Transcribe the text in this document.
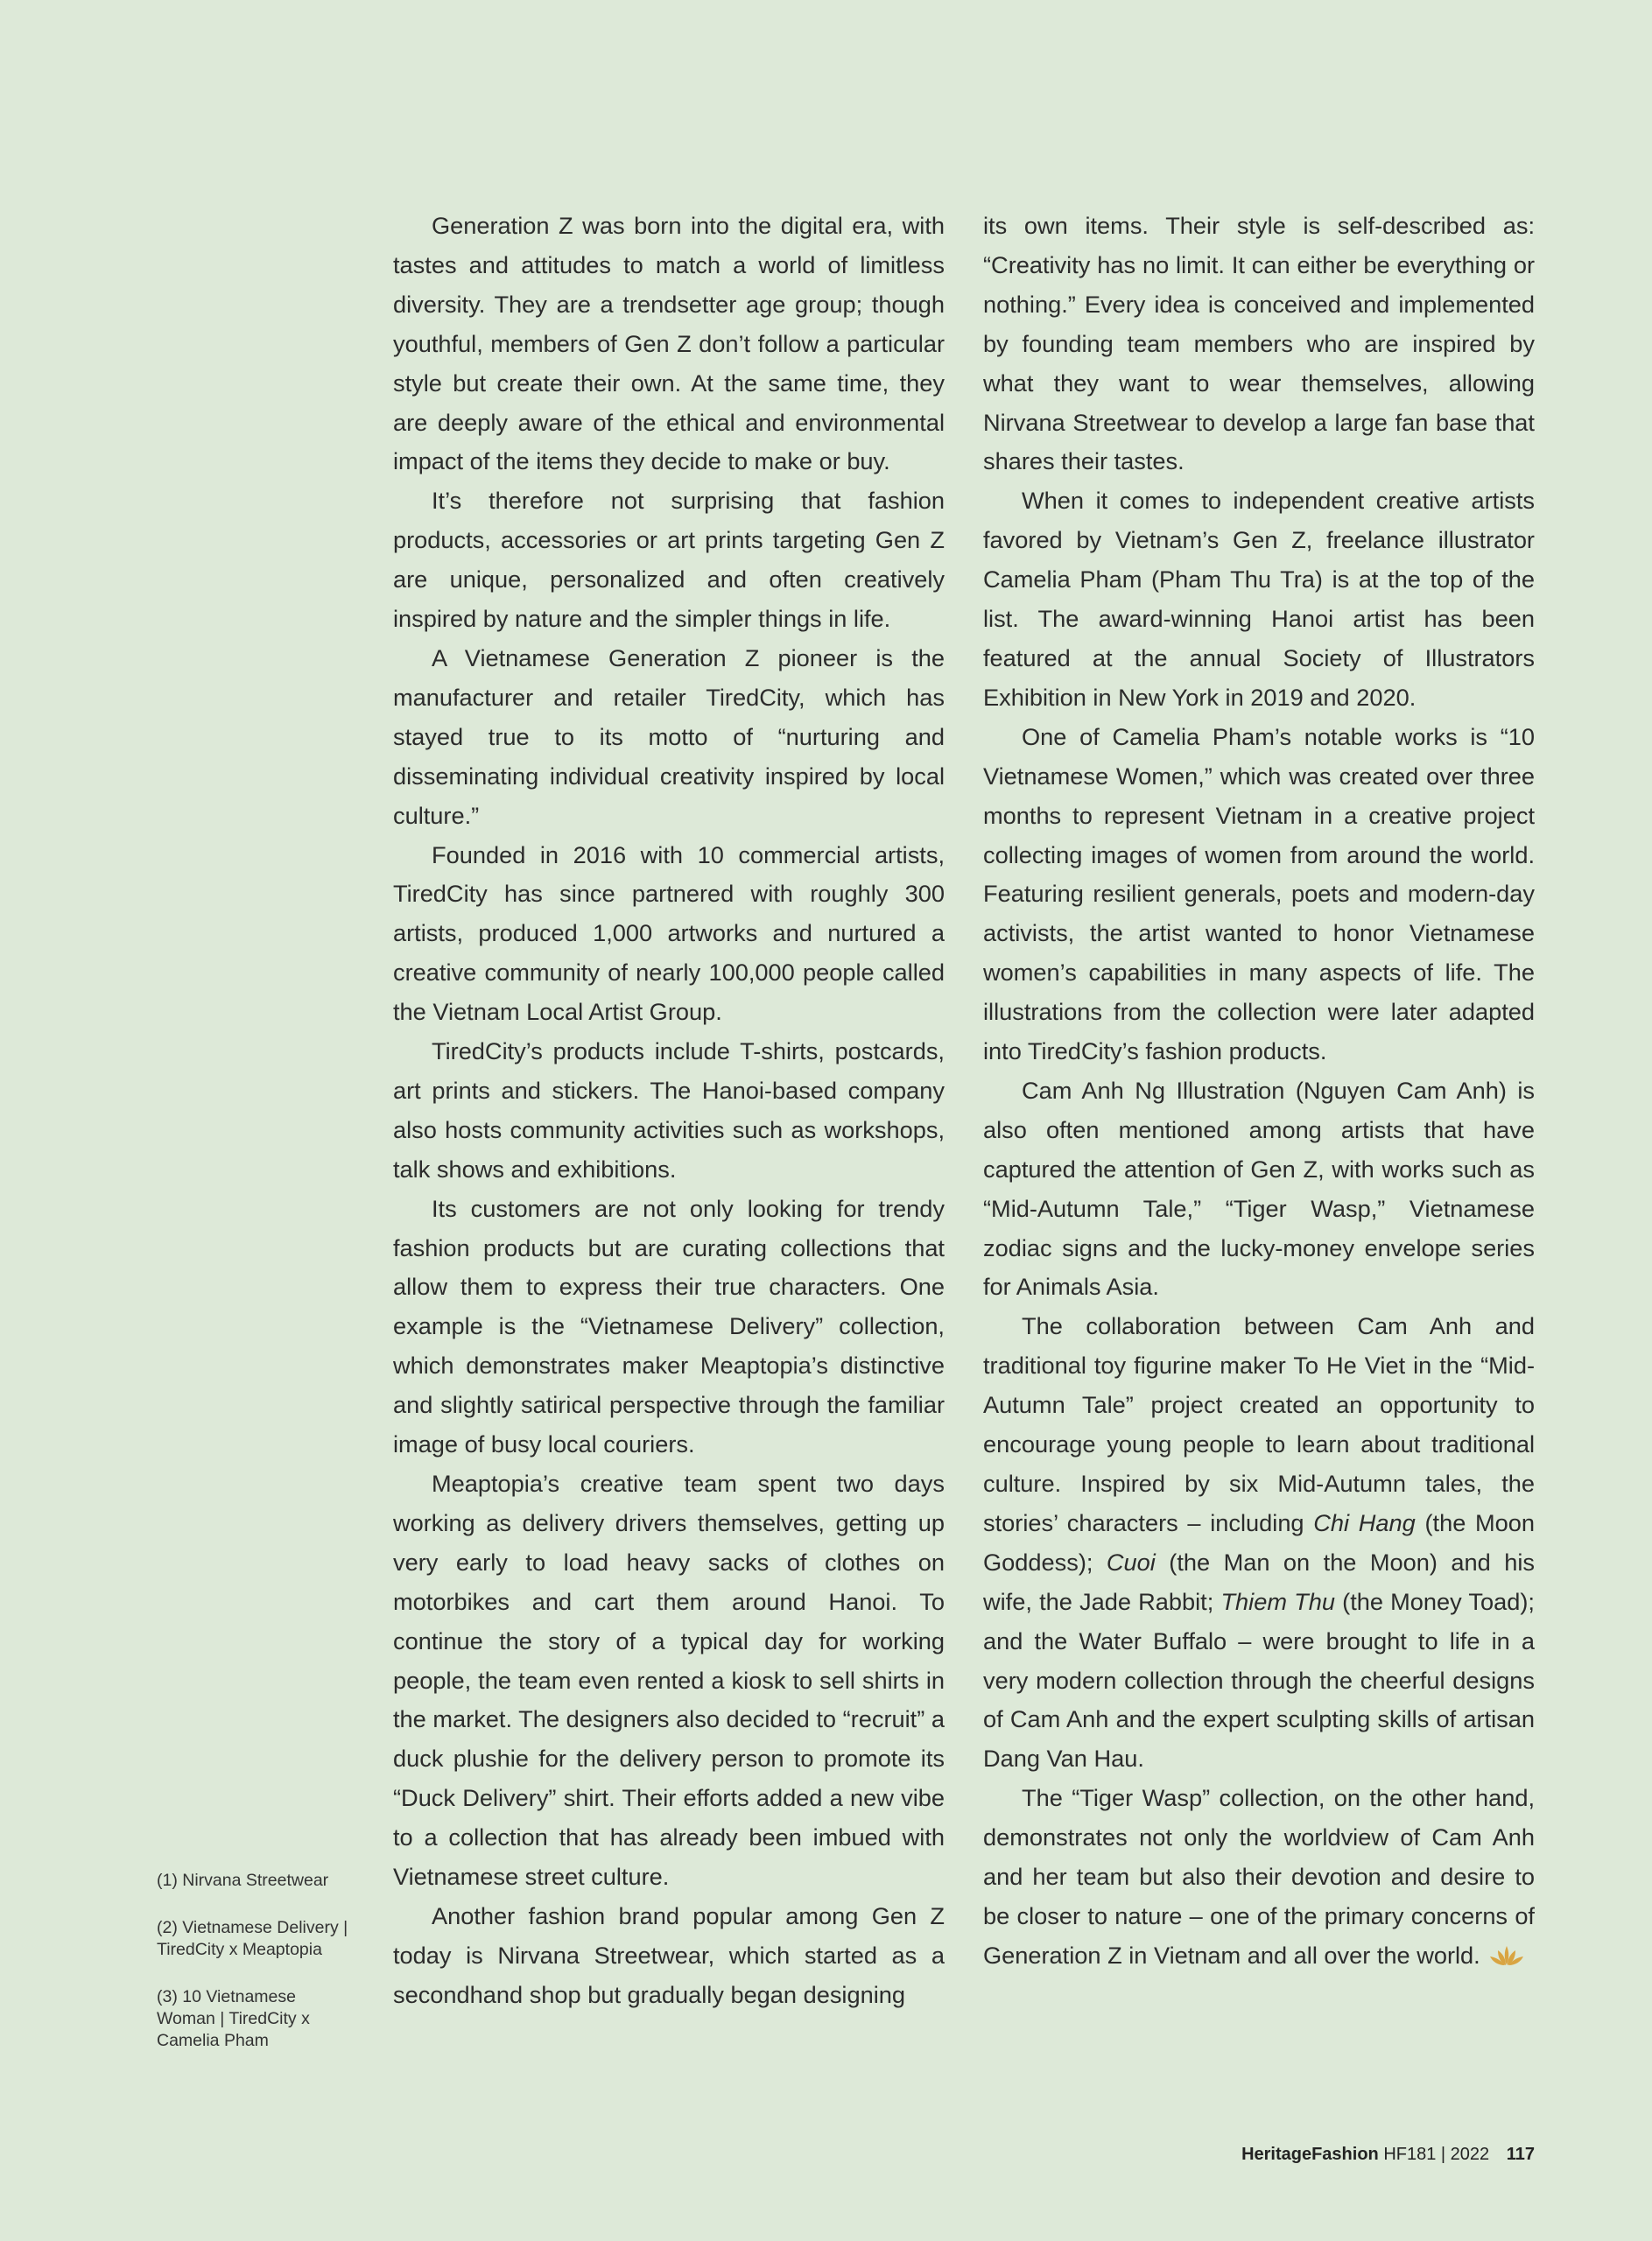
Generation Z was born into the digital era, with tastes and attitudes to match a world of limitless diversity. They are a trendsetter age group; though youthful, members of Gen Z don’t follow a particular style but create their own. At the same time, they are deeply aware of the ethical and environmental impact of the items they decide to make or buy.

It’s therefore not surprising that fashion products, accessories or art prints targeting Gen Z are unique, personalized and often creatively inspired by nature and the simpler things in life.

A Vietnamese Generation Z pioneer is the manufacturer and retailer TiredCity, which has stayed true to its motto of “nurturing and disseminating individual creativity inspired by local culture.”

Founded in 2016 with 10 commercial artists, TiredCity has since partnered with roughly 300 artists, produced 1,000 artworks and nurtured a creative community of nearly 100,000 people called the Vietnam Local Artist Group.

TiredCity’s products include T-shirts, postcards, art prints and stickers. The Hanoi-based company also hosts community activities such as workshops, talk shows and exhibitions.

Its customers are not only looking for trendy fashion products but are curating collections that allow them to express their true characters. One example is the “Vietnamese Delivery” collection, which demonstrates maker Meaptopia’s distinctive and slightly satirical perspective through the familiar image of busy local couriers.

Meaptopia’s creative team spent two days working as delivery drivers themselves, getting up very early to load heavy sacks of clothes on motorbikes and cart them around Hanoi. To continue the story of a typical day for working people, the team even rented a kiosk to sell shirts in the market. The designers also decided to “recruit” a duck plushie for the delivery person to promote its “Duck Delivery” shirt. Their efforts added a new vibe to a collection that has already been imbued with Vietnamese street culture.

Another fashion brand popular among Gen Z today is Nirvana Streetwear, which started as a secondhand shop but gradually began designing

its own items. Their style is self-described as: “Creativity has no limit. It can either be everything or nothing.” Every idea is conceived and implemented by founding team members who are inspired by what they want to wear themselves, allowing Nirvana Streetwear to develop a large fan base that shares their tastes.

When it comes to independent creative artists favored by Vietnam’s Gen Z, freelance illustrator Camelia Pham (Pham Thu Tra) is at the top of the list. The award-winning Hanoi artist has been featured at the annual Society of Illustrators Exhibition in New York in 2019 and 2020.

One of Camelia Pham’s notable works is “10 Vietnamese Women,” which was created over three months to represent Vietnam in a creative project collecting images of women from around the world. Featuring resilient generals, poets and modern-day activists, the artist wanted to honor Vietnamese women’s capabilities in many aspects of life. The illustrations from the collection were later adapted into TiredCity’s fashion products.

Cam Anh Ng Illustration (Nguyen Cam Anh) is also often mentioned among artists that have captured the attention of Gen Z, with works such as “Mid-Autumn Tale,” “Tiger Wasp,” Vietnamese zodiac signs and the lucky-money envelope series for Animals Asia.

The collaboration between Cam Anh and traditional toy figurine maker To He Viet in the “Mid-Autumn Tale” project created an opportunity to encourage young people to learn about traditional culture. Inspired by six Mid-Autumn tales, the stories’ characters – including Chi Hang (the Moon Goddess); Cuoi (the Man on the Moon) and his wife, the Jade Rabbit; Thiem Thu (the Money Toad); and the Water Buffalo – were brought to life in a very modern collection through the cheerful designs of Cam Anh and the expert sculpting skills of artisan Dang Van Hau.

The “Tiger Wasp” collection, on the other hand, demonstrates not only the worldview of Cam Anh and her team but also their devotion and desire to be closer to nature – one of the primary concerns of Generation Z in Vietnam and all over the world.

(1) Nirvana Streetwear

(2) Vietnamese Delivery | TiredCity x Meaptopia

(3) 10 Vietnamese Woman | TiredCity x Camelia Pham

HeritageFashion HF181 | 2022 117
